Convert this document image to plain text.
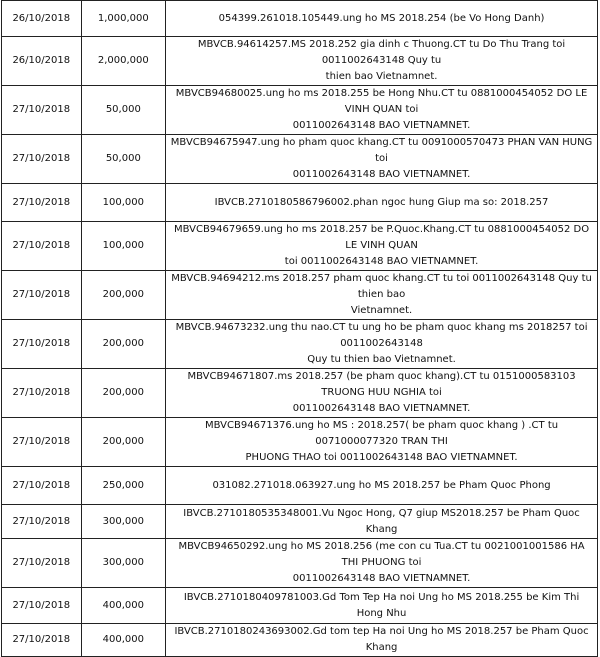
26/10/2018	1,000,000	054399.261018.105449.ung ho MS 2018.254 (be Vo Hong Danh)

26/10/2018	2,000,000	MBVCB.94614257.MS 2018.252 gia dinh c Thuong.CT tu Do Thu Trang toi 0011002643148 Quy tu
thien bao Vietnamnet.

27/10/2018	50,000	MBVCB94680025.ung ho ms 2018.255 be Hong Nhu.CT tu 0881000454052 DO LE VINH QUAN toi
0011002643148 BAO VIETNAMNET.

27/10/2018	50,000	MBVCB94675947.ung ho pham quoc khang.CT tu 0091000570473 PHAN VAN HUNG toi
0011002643148 BAO VIETNAMNET.

27/10/2018	100,000	IBVCB.2710180586796002.phan ngoc hung Giup ma so: 2018.257

27/10/2018	100,000	MBVCB94679659.ung ho ms 2018.257 be P.Quoc.Khang.CT tu 0881000454052 DO LE VINH QUAN
toi 0011002643148 BAO VIETNAMNET.

27/10/2018	200,000	MBVCB.94694212.ms 2018.257 pham quoc khang.CT tu toi 0011002643148 Quy tu thien bao
Vietnamnet.

27/10/2018	200,000	MBVCB.94673232.ung thu nao.CT tu ung ho be pham quoc khang ms 2018257 toi 0011002643148
Quy tu thien bao Vietnamnet.

27/10/2018	200,000	MBVCB94671807.ms 2018.257 (be pham quoc khang).CT tu 0151000583103 TRUONG HUU NGHIA toi
0011002643148 BAO VIETNAMNET.

27/10/2018	200,000	MBVCB94671376.ung ho MS : 2018.257( be pham quoc khang ) .CT tu 0071000077320 TRAN THI
PHUONG THAO toi 0011002643148 BAO VIETNAMNET.

27/10/2018	250,000	031082.271018.063927.ung ho MS 2018.257 be Pham Quoc Phong

27/10/2018	300,000	IBVCB.2710180535348001.Vu Ngoc Hong, Q7 giup MS2018.257 be Pham Quoc Khang

27/10/2018	300,000	MBVCB94650292.ung ho MS 2018.256 (me con cu Tua.CT tu 0021001001586 HA THI PHUONG toi
0011002643148 BAO VIETNAMNET.

27/10/2018	400,000	IBVCB.2710180409781003.Gd Tom Tep Ha noi Ung ho MS 2018.255 be Kim Thi Hong Nhu

27/10/2018	400,000	IBVCB.2710180243693002.Gd tom tep Ha noi Ung ho MS 2018.257 be Pham Quoc Khang
